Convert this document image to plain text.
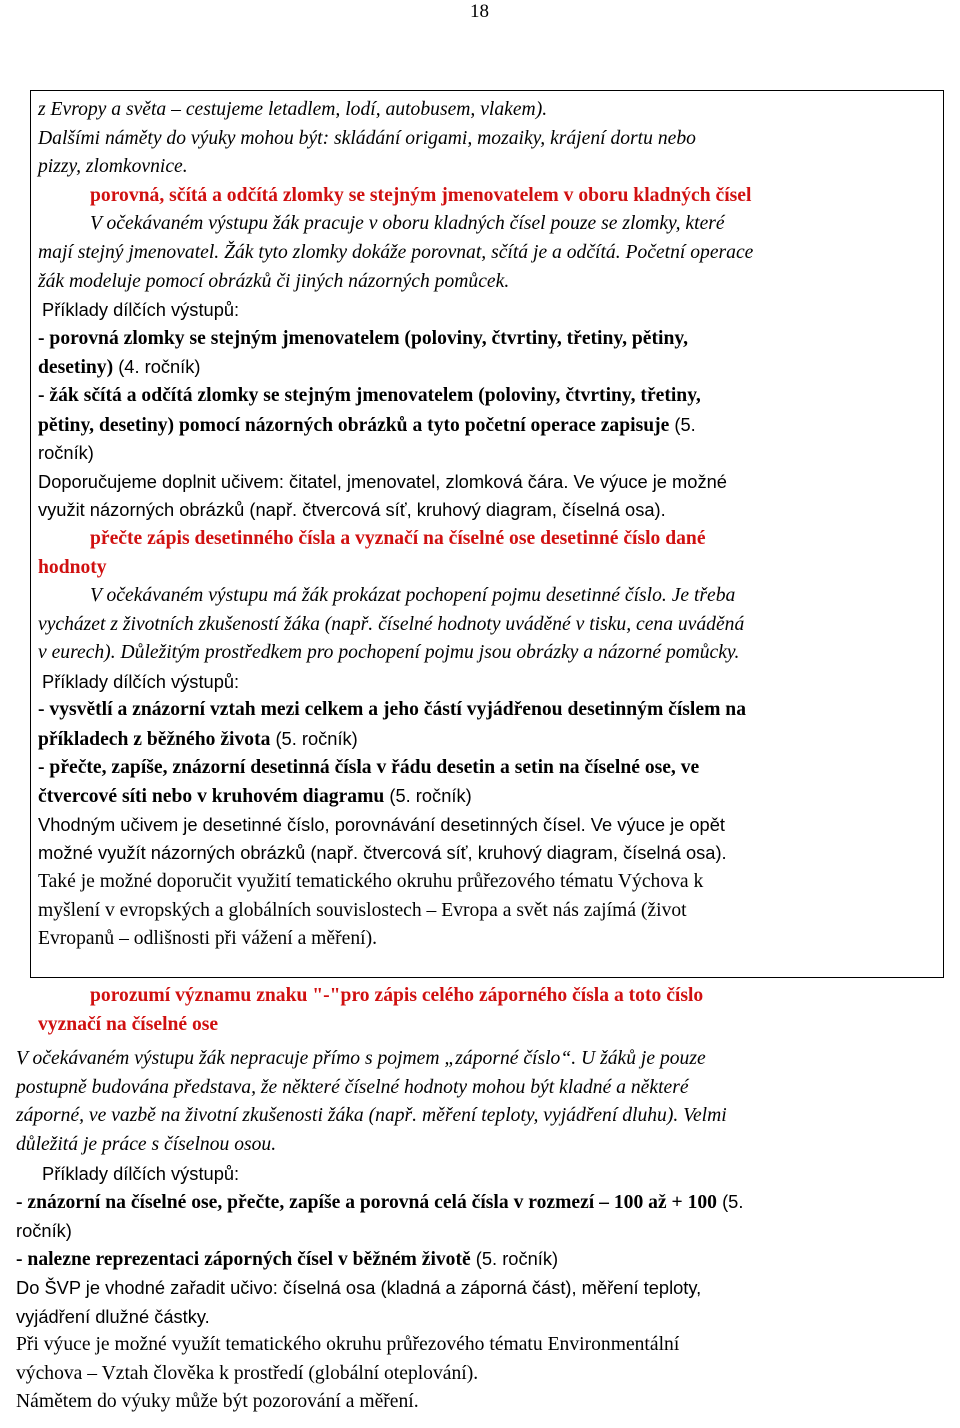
18
z Evropy a světa – cestujeme letadlem, lodí, autobusem, vlakem).
Dalšími náměty do výuky mohou být: skládání origami, mozaiky, krájení dortu nebo
pizzy, zlomkovnice.
porovná, sčítá a odčítá zlomky se stejným jmenovatelem v oboru kladných čísel
V očekávaném výstupu žák pracuje v oboru kladných čísel pouze se zlomky, které
mají stejný jmenovatel. Žák tyto zlomky dokáže porovnat, sčítá je a odčítá. Početní operace
žák modeluje pomocí obrázků či jiných názorných pomůcek.
Příklady dílčích výstupů:
- porovná zlomky se stejným jmenovatelem (poloviny, čtvrtiny, třetiny, pětiny,
desetiny) (4. ročník)
- žák sčítá a odčítá zlomky se stejným jmenovatelem (poloviny, čtvrtiny, třetiny,
pětiny, desetiny) pomocí názorných obrázků a tyto početní operace zapisuje (5.
ročník)
Doporučujeme doplnit učivem: čitatel, jmenovatel, zlomková čára. Ve výuce je možné
využit názorných obrázků (např. čtvercová síť, kruhový diagram, číselná osa).
přečte zápis desetinného čísla a vyznačí na číselné ose desetinné číslo dané
hodnoty
V očekávaném výstupu má žák prokázat pochopení pojmu desetinné číslo. Je třeba
vycházet z životních zkušeností žáka (např. číselné hodnoty uváděné v tisku, cena uváděná
v eurech). Důležitým prostředkem pro pochopení pojmu jsou obrázky a názorné pomůcky.
Příklady dílčích výstupů:
- vysvětlí a znázorní vztah mezi celkem a jeho částí vyjádřenou desetinným číslem na
příkladech z běžného života (5. ročník)
- přečte, zapíše, znázorní desetinná čísla v řádu desetin a setin na číselné ose, ve
čtvercové síti nebo v kruhovém diagramu (5. ročník)
Vhodným učivem je desetinné číslo, porovnávání desetinných čísel. Ve výuce je opět
možné využít názorných obrázků (např. čtvercová síť, kruhový diagram, číselná osa).
Také je možné doporučit využití tematického okruhu průřezového tématu Výchova k
myšlení v evropských a globálních souvislostech – Evropa a svět nás zajímá (život
Evropanů – odlišnosti při vážení a měření).
porozumí významu znaku "-"pro zápis celého záporného čísla a toto číslo
vyznačí na číselné ose
V očekávaném výstupu žák nepracuje přímo s pojmem „záporné číslo“. U žáků je pouze
postupně budována představa, že některé číselné hodnoty mohou být kladné a některé
záporné, ve vazbě na životní zkušenosti žáka (např. měření teploty, vyjádření dluhu). Velmi
důležitá je práce s číselnou osou.
Příklady dílčích výstupů:
- znázorní na číselné ose, přečte, zapíše a porovná celá čísla v rozmezí – 100 až + 100 (5.
ročník)
- nalezne reprezentaci záporných čísel v běžném životě (5. ročník)
Do ŠVP je vhodné zařadit učivo: číselná osa (kladná a záporná část), měření teploty,
vyjádření dlužné částky.
Při výuce je možné využít tematického okruhu průřezového tématu Environmentální
výchova – Vztah člověka k prostředí (globální oteplování).
Námětem do výuky může být pozorování a měření.
